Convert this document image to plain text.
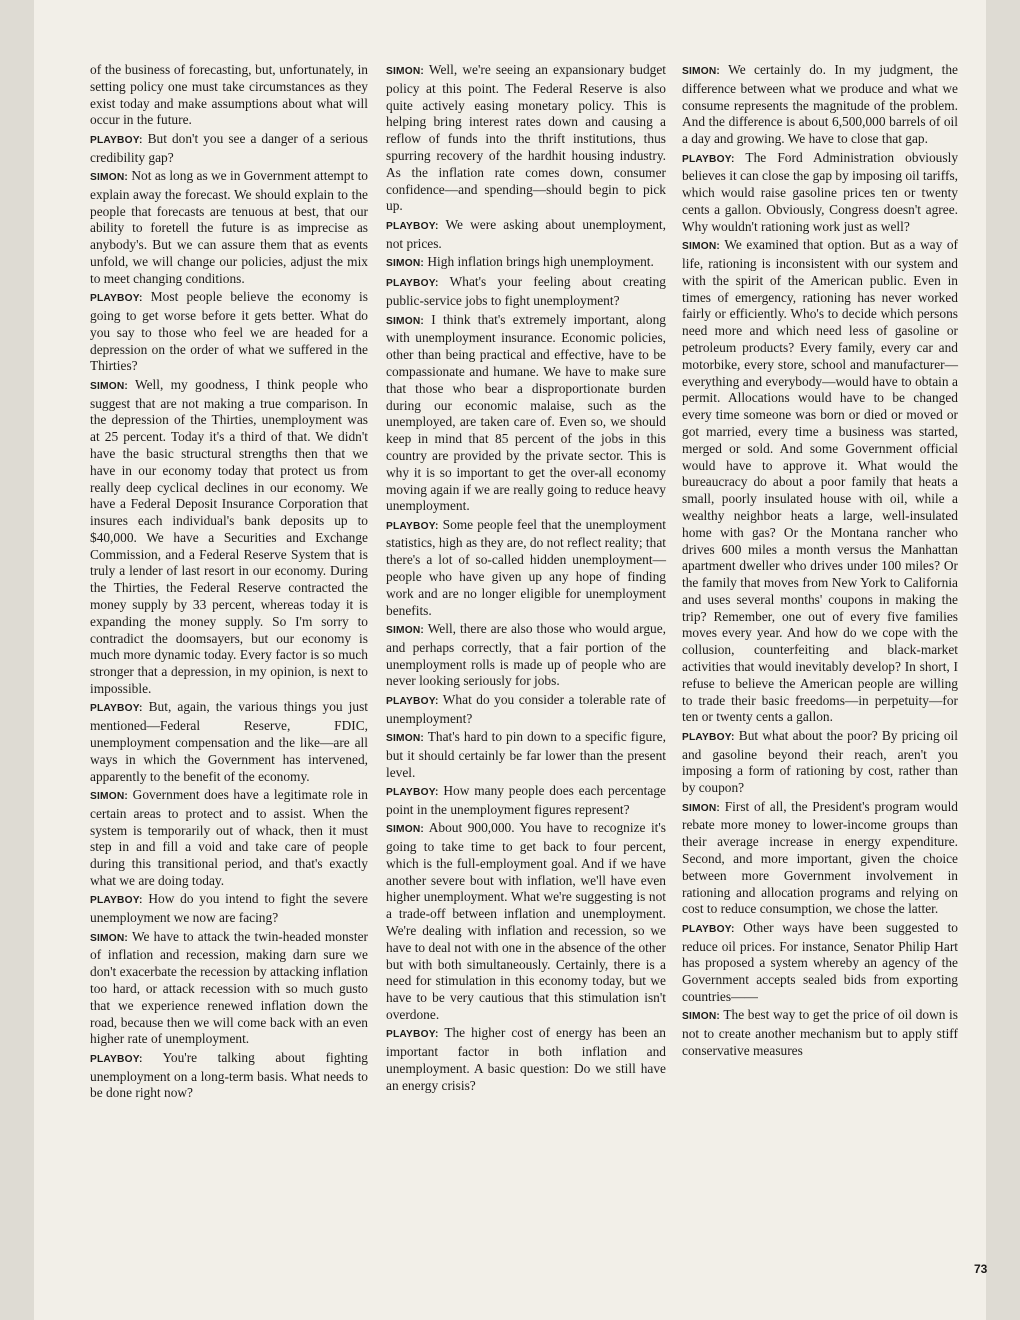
of the business of forecasting, but, unfortunately, in setting policy one must take circumstances as they exist today and make assumptions about what will occur in the future.

PLAYBOY: But don't you see a danger of a serious credibility gap?

SIMON: Not as long as we in Government attempt to explain away the forecast. We should explain to the people that forecasts are tenuous at best, that our ability to foretell the future is as imprecise as anybody's. But we can assure them that as events unfold, we will change our policies, adjust the mix to meet changing conditions.

PLAYBOY: Most people believe the economy is going to get worse before it gets better. What do you say to those who feel we are headed for a depression on the order of what we suffered in the Thirties?

SIMON: Well, my goodness, I think people who suggest that are not making a true comparison. In the depression of the Thirties, unemployment was at 25 percent. Today it's a third of that. We didn't have the basic structural strengths then that we have in our economy today that protect us from really deep cyclical declines in our economy. We have a Federal Deposit Insurance Corporation that insures each individual's bank deposits up to $40,000. We have a Securities and Exchange Commission, and a Federal Reserve System that is truly a lender of last resort in our economy. During the Thirties, the Federal Reserve contracted the money supply by 33 percent, whereas today it is expanding the money supply. So I'm sorry to contradict the doomsayers, but our economy is much more dynamic today. Every factor is so much stronger that a depression, in my opinion, is next to impossible.

PLAYBOY: But, again, the various things you just mentioned—Federal Reserve, FDIC, unemployment compensation and the like—are all ways in which the Government has intervened, apparently to the benefit of the economy.

SIMON: Government does have a legitimate role in certain areas to protect and to assist. When the system is temporarily out of whack, then it must step in and fill a void and take care of people during this transitional period, and that's exactly what we are doing today.

PLAYBOY: How do you intend to fight the severe unemployment we now are facing?

SIMON: We have to attack the twin-headed monster of inflation and recession, making darn sure we don't exacerbate the recession by attacking inflation too hard, or attack recession with so much gusto that we experience renewed inflation down the road, because then we will come back with an even higher rate of unemployment.

PLAYBOY: You're talking about fighting unemployment on a long-term basis. What needs to be done right now?

SIMON: Well, we're seeing an expansionary budget policy at this point. The Federal Reserve is also quite actively easing monetary policy. This is helping bring interest rates down and causing a reflow of funds into the thrift institutions, thus spurring recovery of the hardhit housing industry. As the inflation rate comes down, consumer confidence—and spending—should begin to pick up.

PLAYBOY: We were asking about unemployment, not prices.

SIMON: High inflation brings high unemployment.

PLAYBOY: What's your feeling about creating public-service jobs to fight unemployment?

SIMON: I think that's extremely important, along with unemployment insurance. Economic policies, other than being practical and effective, have to be compassionate and humane. We have to make sure that those who bear a disproportionate burden during our economic malaise, such as the unemployed, are taken care of. Even so, we should keep in mind that 85 percent of the jobs in this country are provided by the private sector. This is why it is so important to get the over-all economy moving again if we are really going to reduce heavy unemployment.

PLAYBOY: Some people feel that the unemployment statistics, high as they are, do not reflect reality; that there's a lot of so-called hidden unemployment—people who have given up any hope of finding work and are no longer eligible for unemployment benefits.

SIMON: Well, there are also those who would argue, and perhaps correctly, that a fair portion of the unemployment rolls is made up of people who are never looking seriously for jobs.

PLAYBOY: What do you consider a tolerable rate of unemployment?

SIMON: That's hard to pin down to a specific figure, but it should certainly be far lower than the present level.

PLAYBOY: How many people does each percentage point in the unemployment figures represent?

SIMON: About 900,000. You have to recognize it's going to take time to get back to four percent, which is the full-employment goal. And if we have another severe bout with inflation, we'll have even higher unemployment. What we're suggesting is not a trade-off between inflation and unemployment. We're dealing with inflation and recession, so we have to deal not with one in the absence of the other but with both simultaneously. Certainly, there is a need for stimulation in this economy today, but we have to be very cautious that this stimulation isn't overdone.

PLAYBOY: The higher cost of energy has been an important factor in both inflation and unemployment. A basic question: Do we still have an energy crisis?

SIMON: We certainly do. In my judgment, the difference between what we produce and what we consume represents the magnitude of the problem. And the difference is about 6,500,000 barrels of oil a day and growing. We have to close that gap.

PLAYBOY: The Ford Administration obviously believes it can close the gap by imposing oil tariffs, which would raise gasoline prices ten or twenty cents a gallon. Obviously, Congress doesn't agree. Why wouldn't rationing work just as well?

SIMON: We examined that option. But as a way of life, rationing is inconsistent with our system and with the spirit of the American public. Even in times of emergency, rationing has never worked fairly or efficiently. Who's to decide which persons need more and which need less of gasoline or petroleum products? Every family, every car and motorbike, every store, school and manufacturer—everything and everybody—would have to obtain a permit. Allocations would have to be changed every time someone was born or died or moved or got married, every time a business was started, merged or sold. And some Government official would have to approve it. What would the bureaucracy do about a poor family that heats a small, poorly insulated house with oil, while a wealthy neighbor heats a large, well-insulated home with gas? Or the Montana rancher who drives 600 miles a month versus the Manhattan apartment dweller who drives under 100 miles? Or the family that moves from New York to California and uses several months' coupons in making the trip? Remember, one out of every five families moves every year. And how do we cope with the collusion, counterfeiting and black-market activities that would inevitably develop? In short, I refuse to believe the American people are willing to trade their basic freedoms—in perpetuity—for ten or twenty cents a gallon.

PLAYBOY: But what about the poor? By pricing oil and gasoline beyond their reach, aren't you imposing a form of rationing by cost, rather than by coupon?

SIMON: First of all, the President's program would rebate more money to lower-income groups than their average increase in energy expenditure. Second, and more important, given the choice between more Government involvement in rationing and allocation programs and relying on cost to reduce consumption, we chose the latter.

PLAYBOY: Other ways have been suggested to reduce oil prices. For instance, Senator Philip Hart has proposed a system whereby an agency of the Government accepts sealed bids from exporting countries——

SIMON: The best way to get the price of oil down is not to create another mechanism but to apply stiff conservative measures

73
